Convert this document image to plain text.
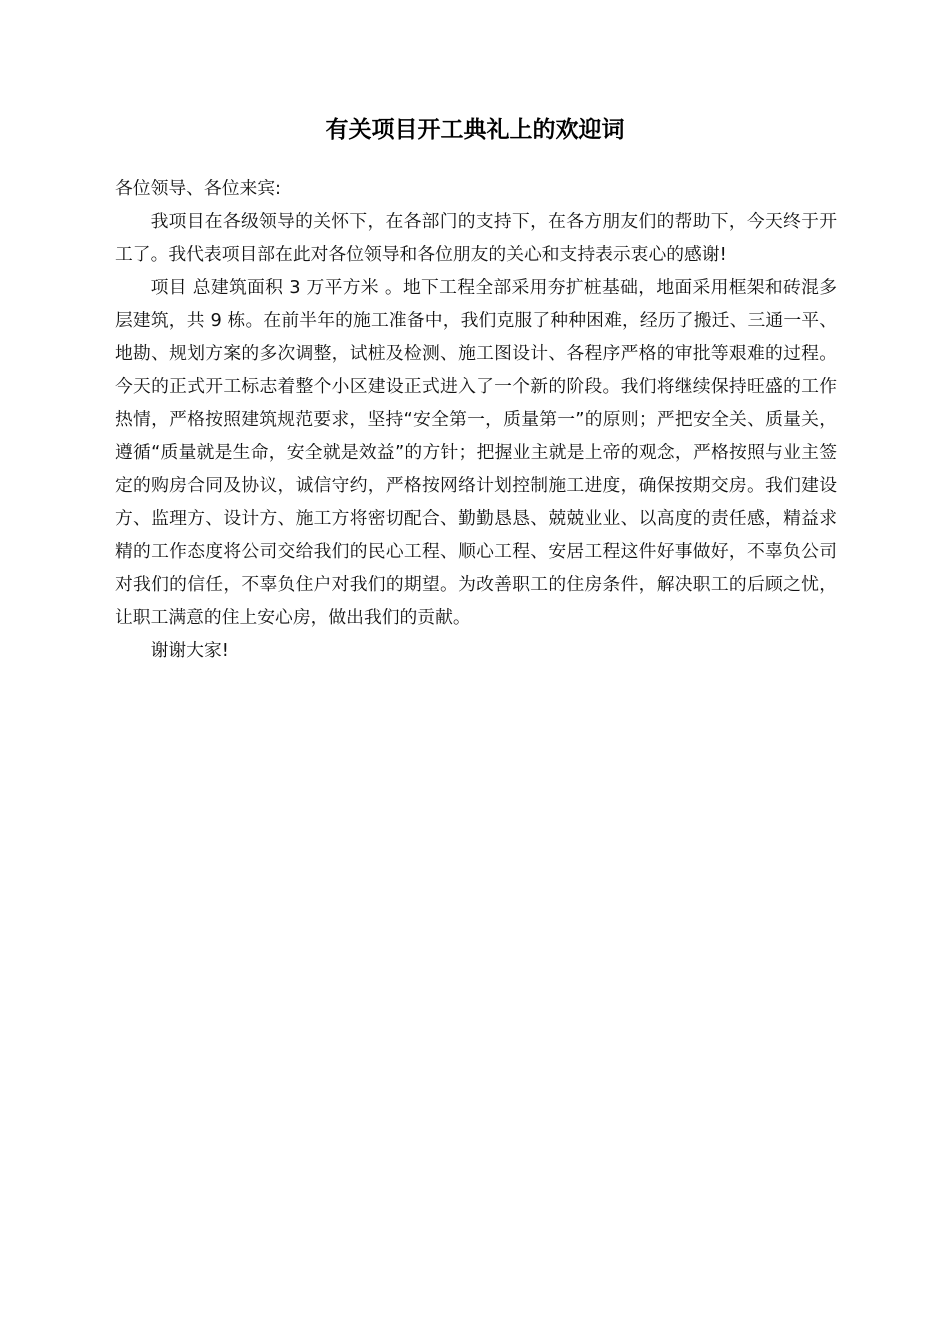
有关项目开工典礼上的欢迎词

各位领导、各位来宾:

我项目在各级领导的关怀下，在各部门的支持下，在各方朋友们的帮助下，今天终于开工了。我代表项目部在此对各位领导和各位朋友的关心和支持表示衷心的感谢!

项目 总建筑面积 3 万平方米 。地下工程全部采用夯扩桩基础，地面采用框架和砖混多层建筑，共 9 栋。在前半年的施工准备中，我们克服了种种困难，经历了搬迁、三通一平、地勘、规划方案的多次调整，试桩及检测、施工图设计、各程序严格的审批等艰难的过程。今天的正式开工标志着整个小区建设正式进入了一个新的阶段。我们将继续保持旺盛的工作热情，严格按照建筑规范要求，坚持“安全第一，质量第一”的原则；严把安全关、质量关，遵循“质量就是生命，安全就是效益”的方针；把握业主就是上帝的观念，严格按照与业主签定的购房合同及协议，诚信守约，严格按网络计划控制施工进度，确保按期交房。我们建设方、监理方、设计方、施工方将密切配合、勤勤恳恳、兢兢业业、以高度的责任感，精益求精的工作态度将公司交给我们的民心工程、顺心工程、安居工程这件好事做好，不辜负公司对我们的信任，不辜负住户对我们的期望。为改善职工的住房条件，解决职工的后顾之忧，让职工满意的住上安心房，做出我们的贡献。

谢谢大家!
